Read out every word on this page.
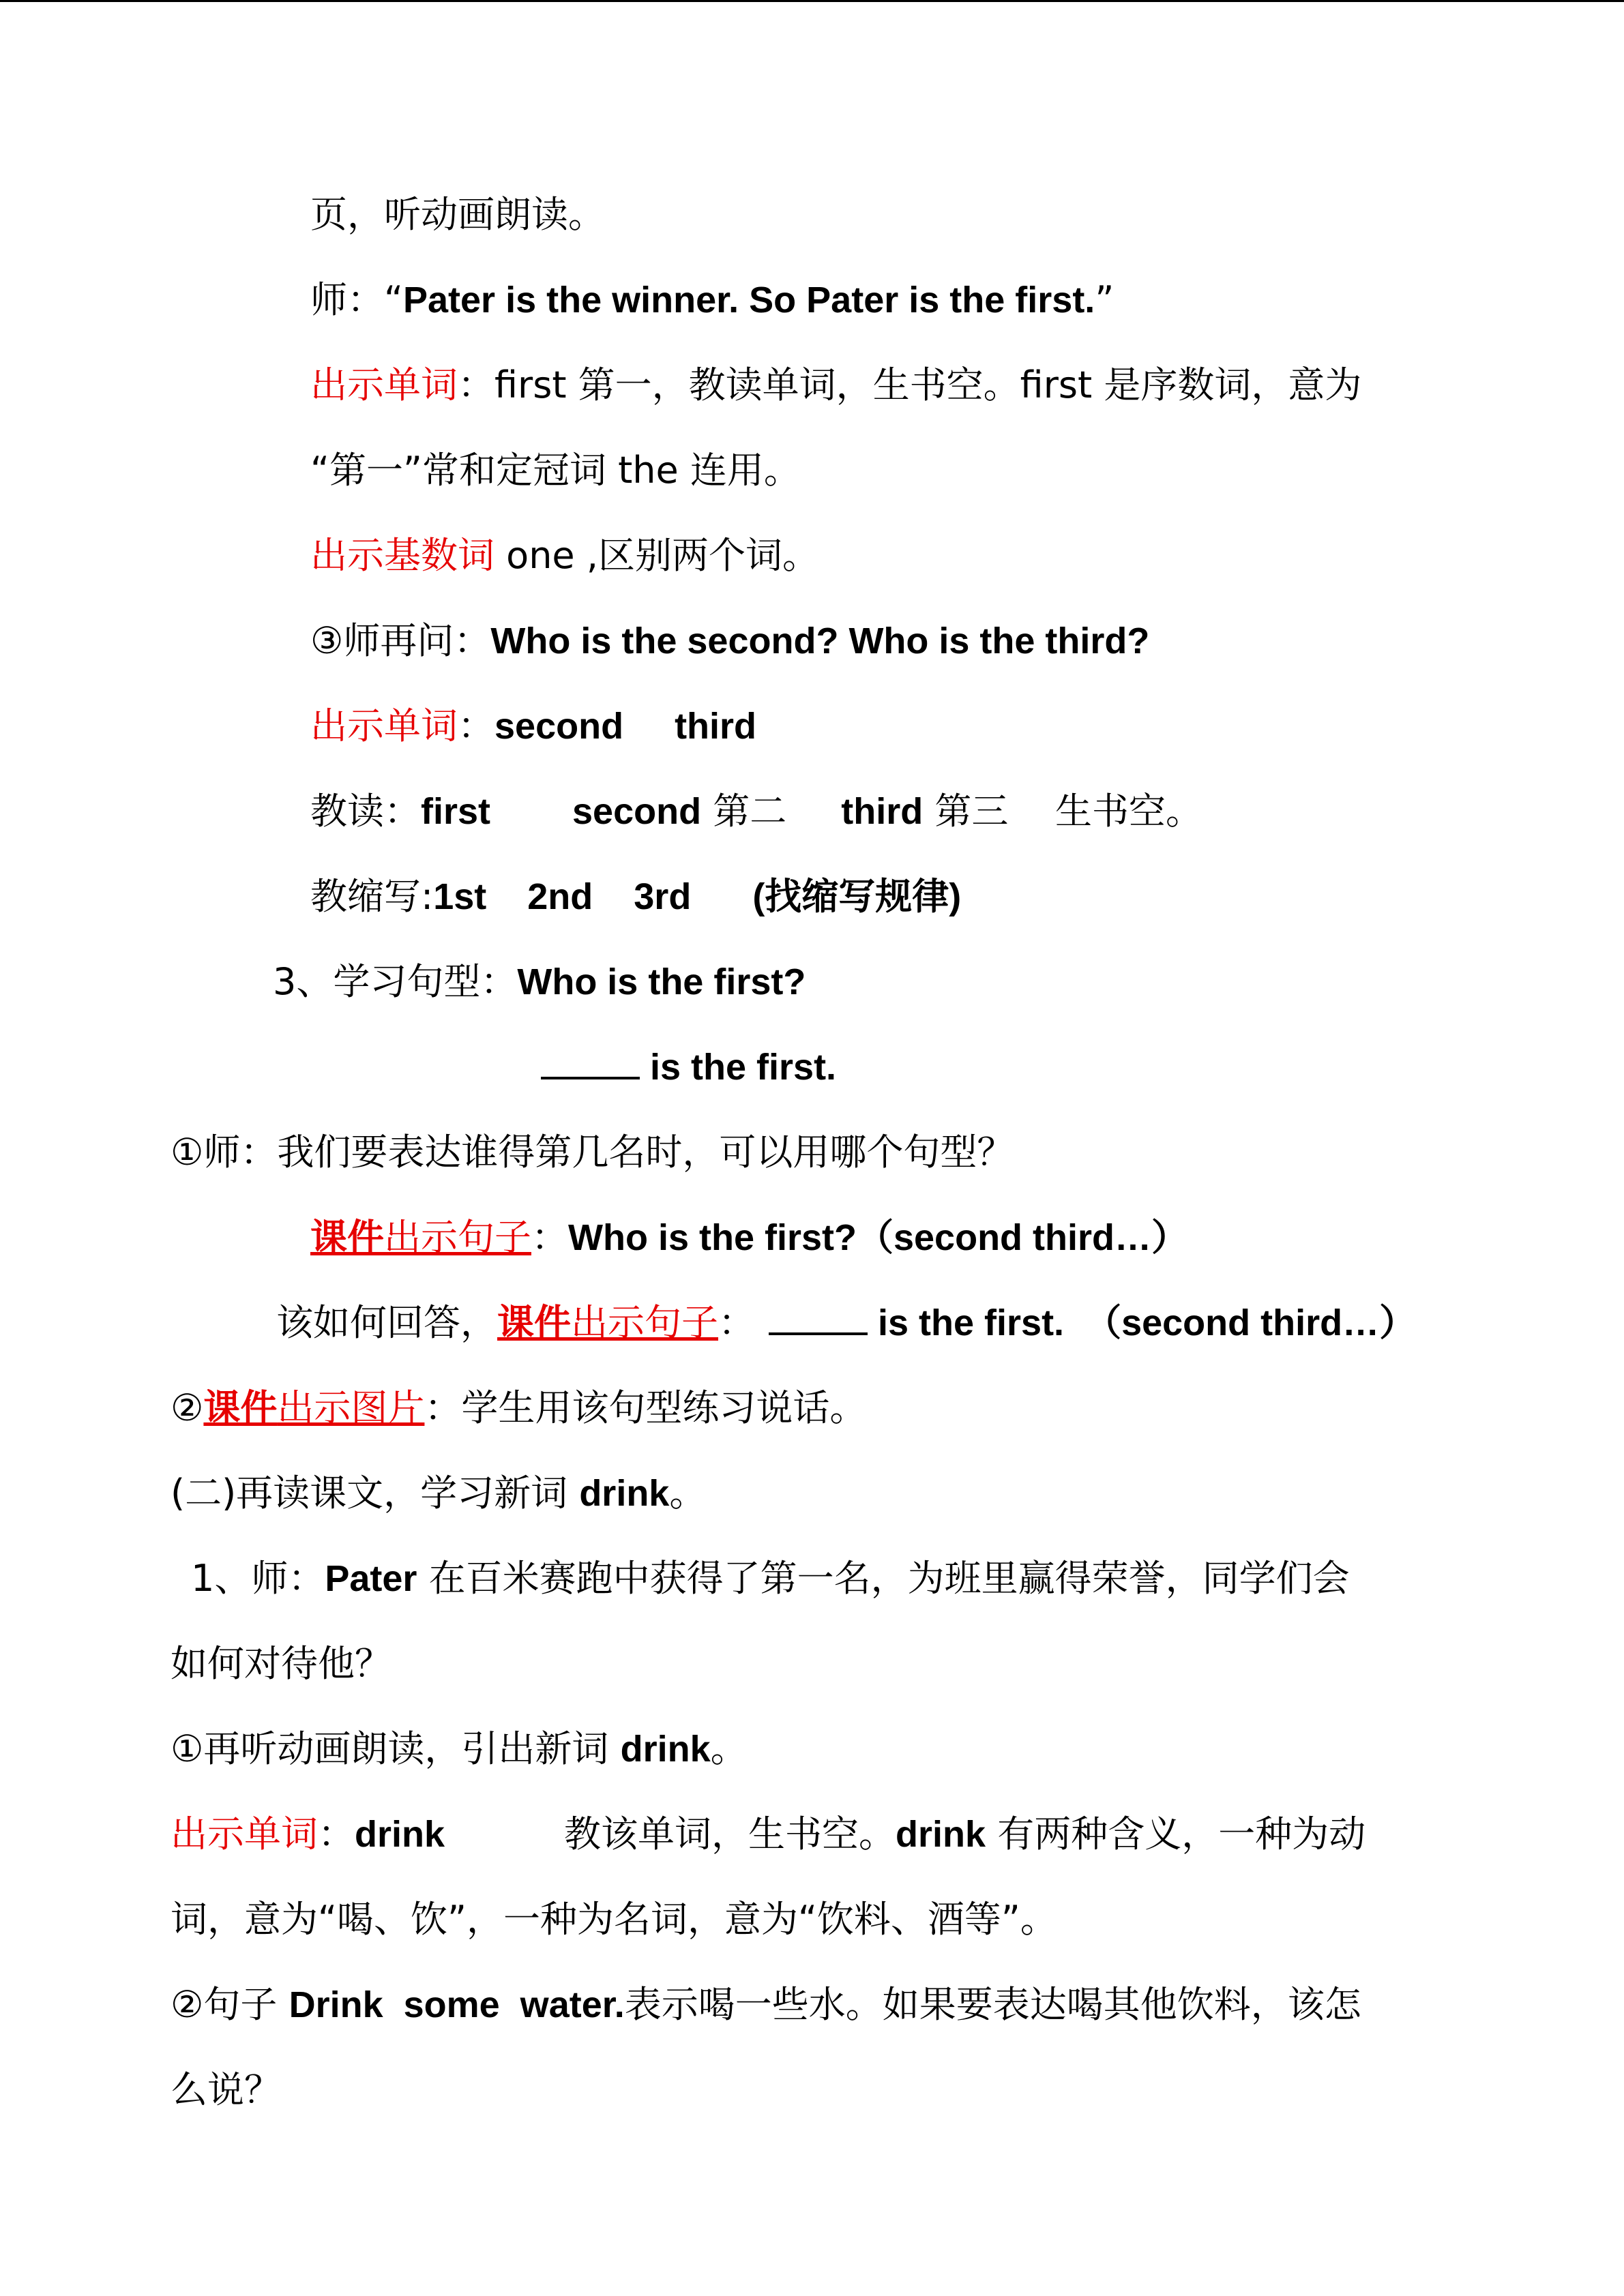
页，听动画朗读。
师：“Pater is the winner. So Pater is the first.”
出示单词：first 第一，教读单词，生书空。first 是序数词，意为
“第一”常和定冠词 the 连用。
出示基数词 one ,区别两个词。
③师再问：Who is the second? Who is the third?
出示单词：second     third
教读：first second 第二 third 第三    生书空。
教缩写:1st    2nd    3rd      (找缩写规律)
3、学习句型：Who is the first?
is the first.
①师：我们要表达谁得第几名时，可以用哪个句型？
课件出示句子：Who is the first?（second third…）
该如何回答，课件出示句子：	is the first.  （second third…）
②课件出示图片：学生用该句型练习说话。
(二)再读课文，学习新词 drink。
1、师：Pater 在百米赛跑中获得了第一名，为班里赢得荣誉，同学们会
如何对待他？
①再听动画朗读，引出新词 drink。
出示单词：drink	教该单词，生书空。drink 有两种含义，一种为动
词，意为“喝、饮”，一种为名词，意为“饮料、酒等”。
②句子 Drink  some  water.表示喝一些水。如果要表达喝其他饮料，该怎
么说？
